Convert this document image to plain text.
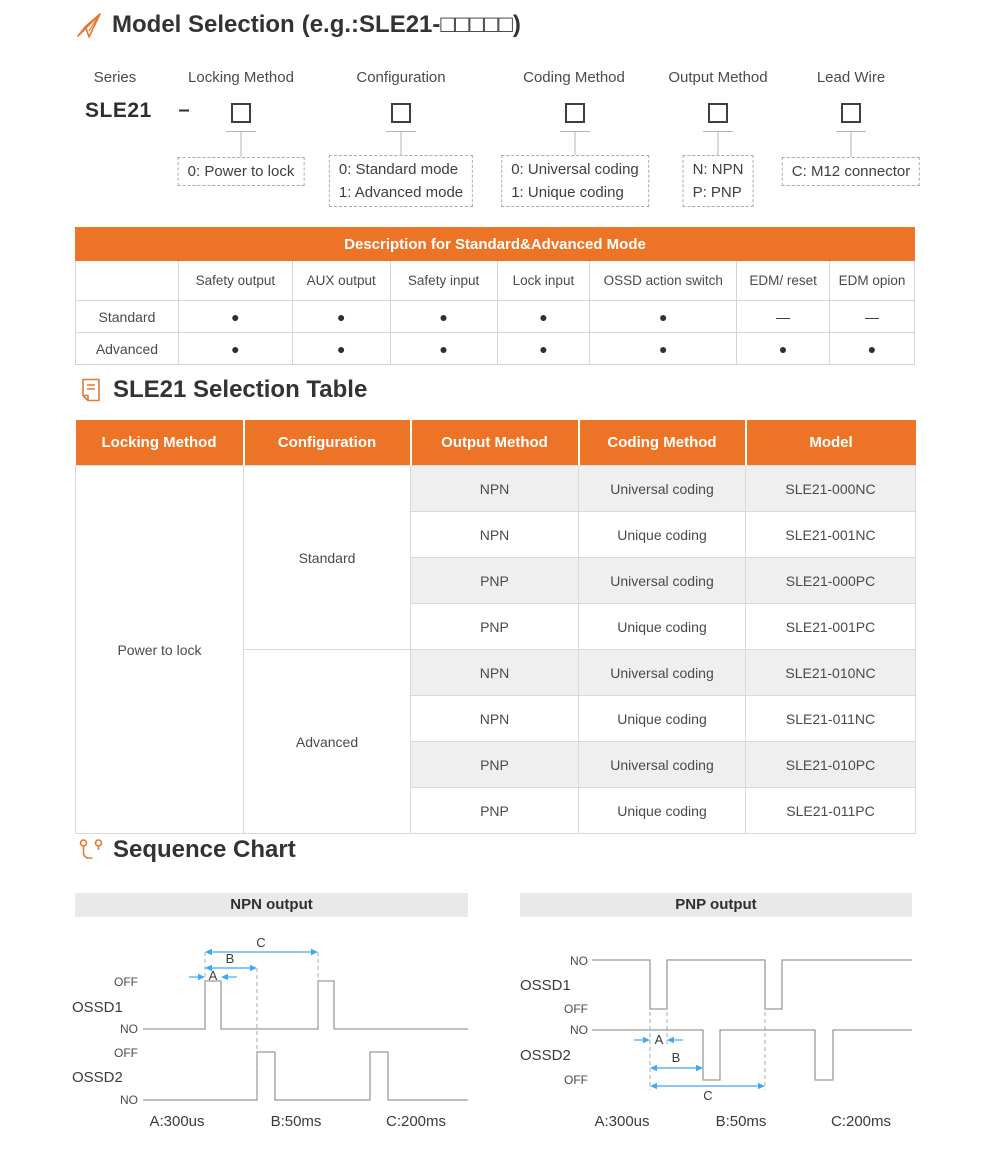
Model Selection (e.g.:SLE21-□□□□□)
Series	Locking Method	Configuration	Coding Method	Output Method	Lead Wire
SLE21 –
0: Power to lock	0: Standard mode
1: Advanced mode
0: Universal coding
1: Unique coding
N: NPN
P: PNP
C: M12 connector
Description for Standard&Advanced Mode							
	Safety output	AUX output	Safety input	Lock input	OSSD action switch	EDM/ reset	EDM opion
Standard	●	●	●	●	●	—	—
Advanced	●	●	●	●	●	●	●
SLE21 Selection Table
Locking Method	Configuration	Output Method	Coding Method	Model
Power to lock	Standard	NPN	Universal coding	SLE21-000NC
		NPN	Unique coding	SLE21-001NC
		PNP	Universal coding	SLE21-000PC
		PNP	Unique coding	SLE21-001PC
	Advanced	NPN	Universal coding	SLE21-010NC
		NPN	Unique coding	SLE21-011NC
		PNP	Universal coding	SLE21-010PC
		PNP	Unique coding	SLE21-011PC
Sequence Chart
NPN output	PNP output
OSSD1
OFF
NO
OSSD2
OFF
NO
C
B
A
A:300us	B:50ms	C:200ms
OSSD1
NO
OFF
OSSD2
NO
OFF
A
B
C
A:300us	B:50ms	C:200ms
